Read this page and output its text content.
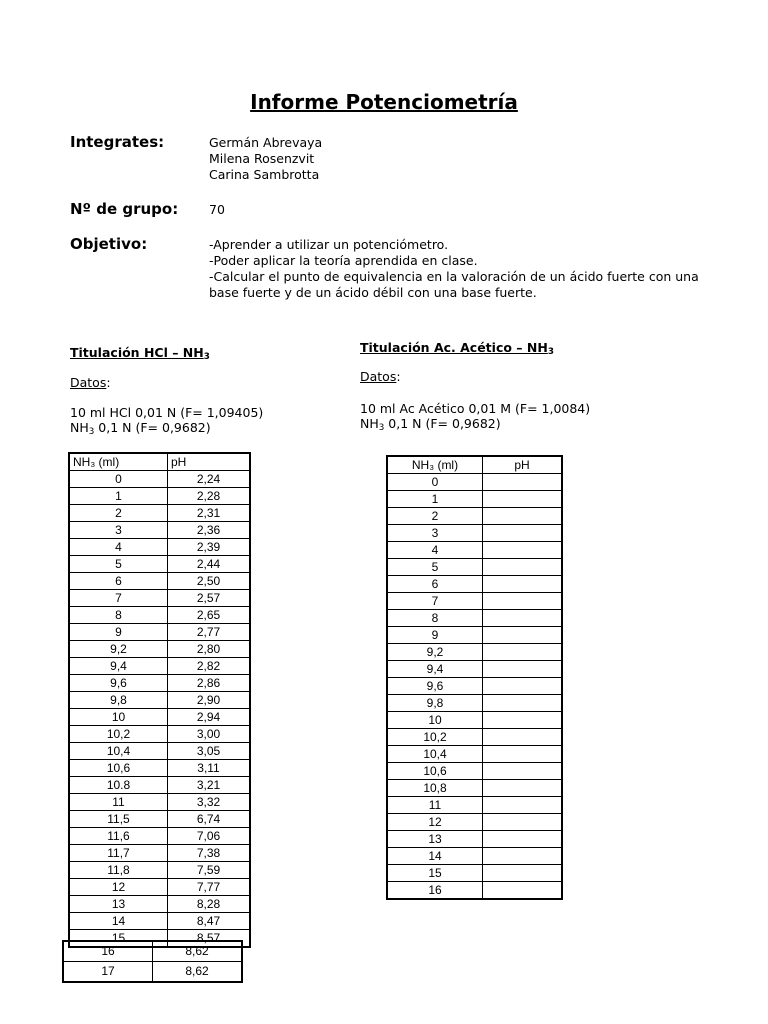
Informe Potenciometría
Integrates:	Germán Abrevaya
Milena Rosenzvit
Carina Sambrotta
Nº de grupo: 70
Objetivo:	-Aprender a utilizar un potenciómetro.
-Poder aplicar la teoría aprendida en clase.
-Calcular el punto de equivalencia en la valoración de un ácido fuerte con una
base fuerte y de un ácido débil con una base fuerte.
Titulación HCl – $NH_3$
Datos:
10 ml HCl 0,01 N (F= 1,09405)
$NH_3$ 0,1 N (F= 0,9682)
NH₃ (ml)	pH
0	2,24
1	2,28
2	2,31
3	2,36
4	2,39
5	2,44
6	2,50
7	2,57
8	2,65
9	2,77
9,2	2,80
9,4	2,82
9,6	2,86
9,8	2,90
10	2,94
10,2	3,00
10,4	3,05
10,6	3,11
10.8	3,21
11	3,32
11,5	6,74
11,6	7,06
11,7	7,38
11,8	7,59
12	7,77
13	8,28
14	8,47
15	8,57
16	8,62
17	8,62
Titulación Ac. Acético – $NH_3$
Datos:
10 ml Ac Acético 0,01 M (F= 1,0084)
$NH_3$ 0,1 N (F= 0,9682)
NH₃ (ml)	pH
0	
1	
2	
3	
4	
5	
6	
7	
8	
9	
9,2	
9,4	
9,6	
9,8	
10	
10,2	
10,4	
10,6	
10,8	
11	
12	
13	
14	
15	
16	
